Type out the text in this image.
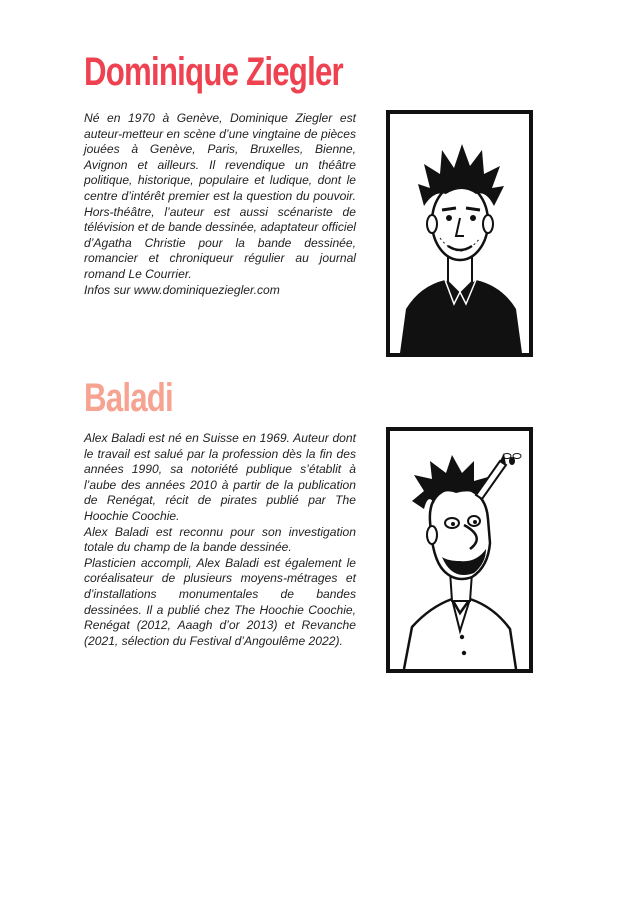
Dominique Ziegler

Né en 1970 à Genève, Dominique Ziegler est auteur-metteur en scène d’une vingtaine de pièces jouées à Genève, Paris, Bruxelles, Bienne, Avignon et ailleurs. Il revendique un théâtre politique, historique, populaire et ludique, dont le centre d’intérêt premier est la question du pouvoir. Hors-théâtre, l’auteur est aussi scénariste de télévision et de bande dessinée, adaptateur officiel d’Agatha Christie pour la bande dessinée, romancier et chroniqueur régulier au journal romand Le Courrier.

Infos sur www.dominiqueziegler.com

Baladi

Alex Baladi est né en Suisse en 1969. Auteur dont le travail est salué par la profession dès la fin des années 1990, sa notoriété publique s’établit à l’aube des années 2010 à partir de la publication de Renégat, récit de pirates publié par The Hoochie Coochie.

Alex Baladi est reconnu pour son investigation totale du champ de la bande dessinée.

Plasticien accompli, Alex Baladi est également le coréalisateur de plusieurs moyens-métrages et d’installations monumentales de bandes dessinées. Il a publié chez The Hoochie Coochie, Renégat (2012, Aaagh d’or 2013) et Revanche (2021, sélection du Festival d’Angoulême 2022).
